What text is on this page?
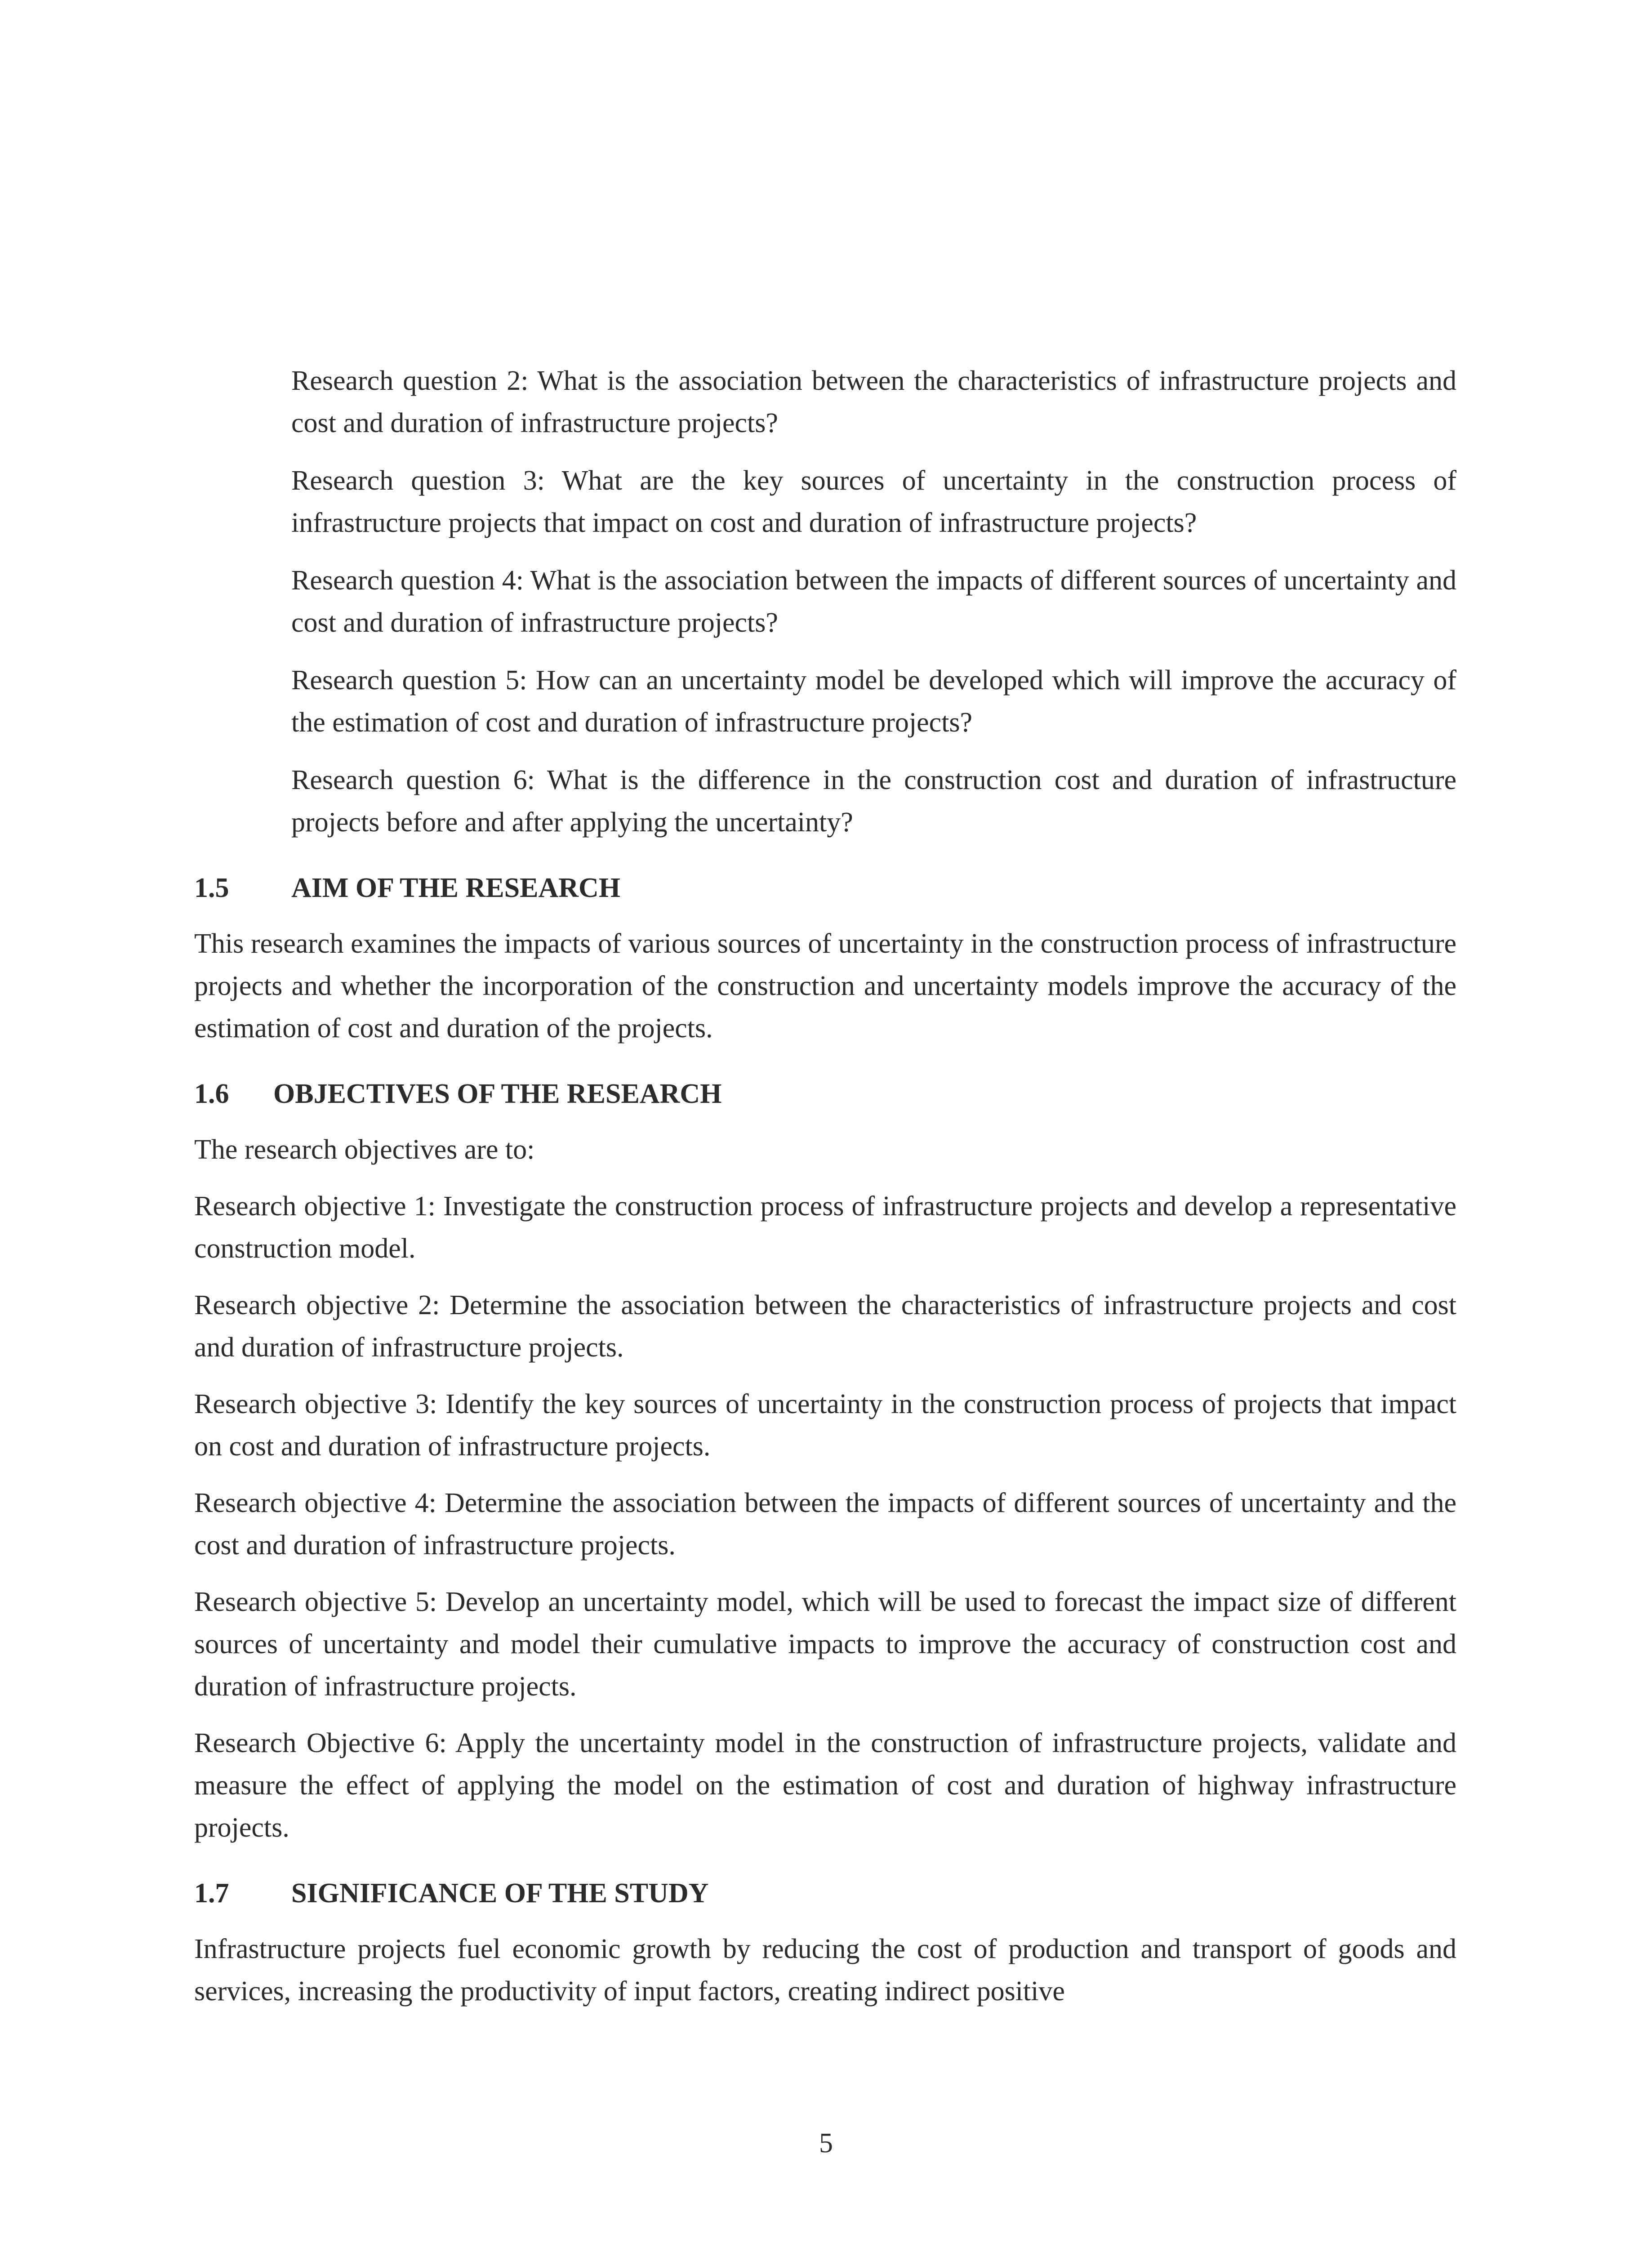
Research question 2: What is the association between the characteristics of infrastructure projects and cost and duration of infrastructure projects?

Research question 3: What are the key sources of uncertainty in the construction process of infrastructure projects that impact on cost and duration of infrastructure projects?

Research question 4: What is the association between the impacts of different sources of uncertainty and cost and duration of infrastructure projects?

Research question 5: How can an uncertainty model be developed which will improve the accuracy of the estimation of cost and duration of infrastructure projects?

Research question 6: What is the difference in the construction cost and duration of infrastructure projects before and after applying the uncertainty?

1.5	AIM OF THE RESEARCH

This research examines the impacts of various sources of uncertainty in the construction process of infrastructure projects and whether the incorporation of the construction and uncertainty models improve the accuracy of the estimation of cost and duration of the projects.

1.6	OBJECTIVES OF THE RESEARCH

The research objectives are to:

Research objective 1: Investigate the construction process of infrastructure projects and develop a representative construction model.

Research objective 2: Determine the association between the characteristics of infrastructure projects and cost and duration of infrastructure projects.

Research objective 3: Identify the key sources of uncertainty in the construction process of projects that impact on cost and duration of infrastructure projects.

Research objective 4: Determine the association between the impacts of different sources of uncertainty and the cost and duration of infrastructure projects.

Research objective 5: Develop an uncertainty model, which will be used to forecast the impact size of different sources of uncertainty and model their cumulative impacts to improve the accuracy of construction cost and duration of infrastructure projects.

Research Objective 6: Apply the uncertainty model in the construction of infrastructure projects, validate and measure the effect of applying the model on the estimation of cost and duration of highway infrastructure projects.

1.7	SIGNIFICANCE OF THE STUDY

Infrastructure projects fuel economic growth by reducing the cost of production and transport of goods and services, increasing the productivity of input factors, creating indirect positive

5
